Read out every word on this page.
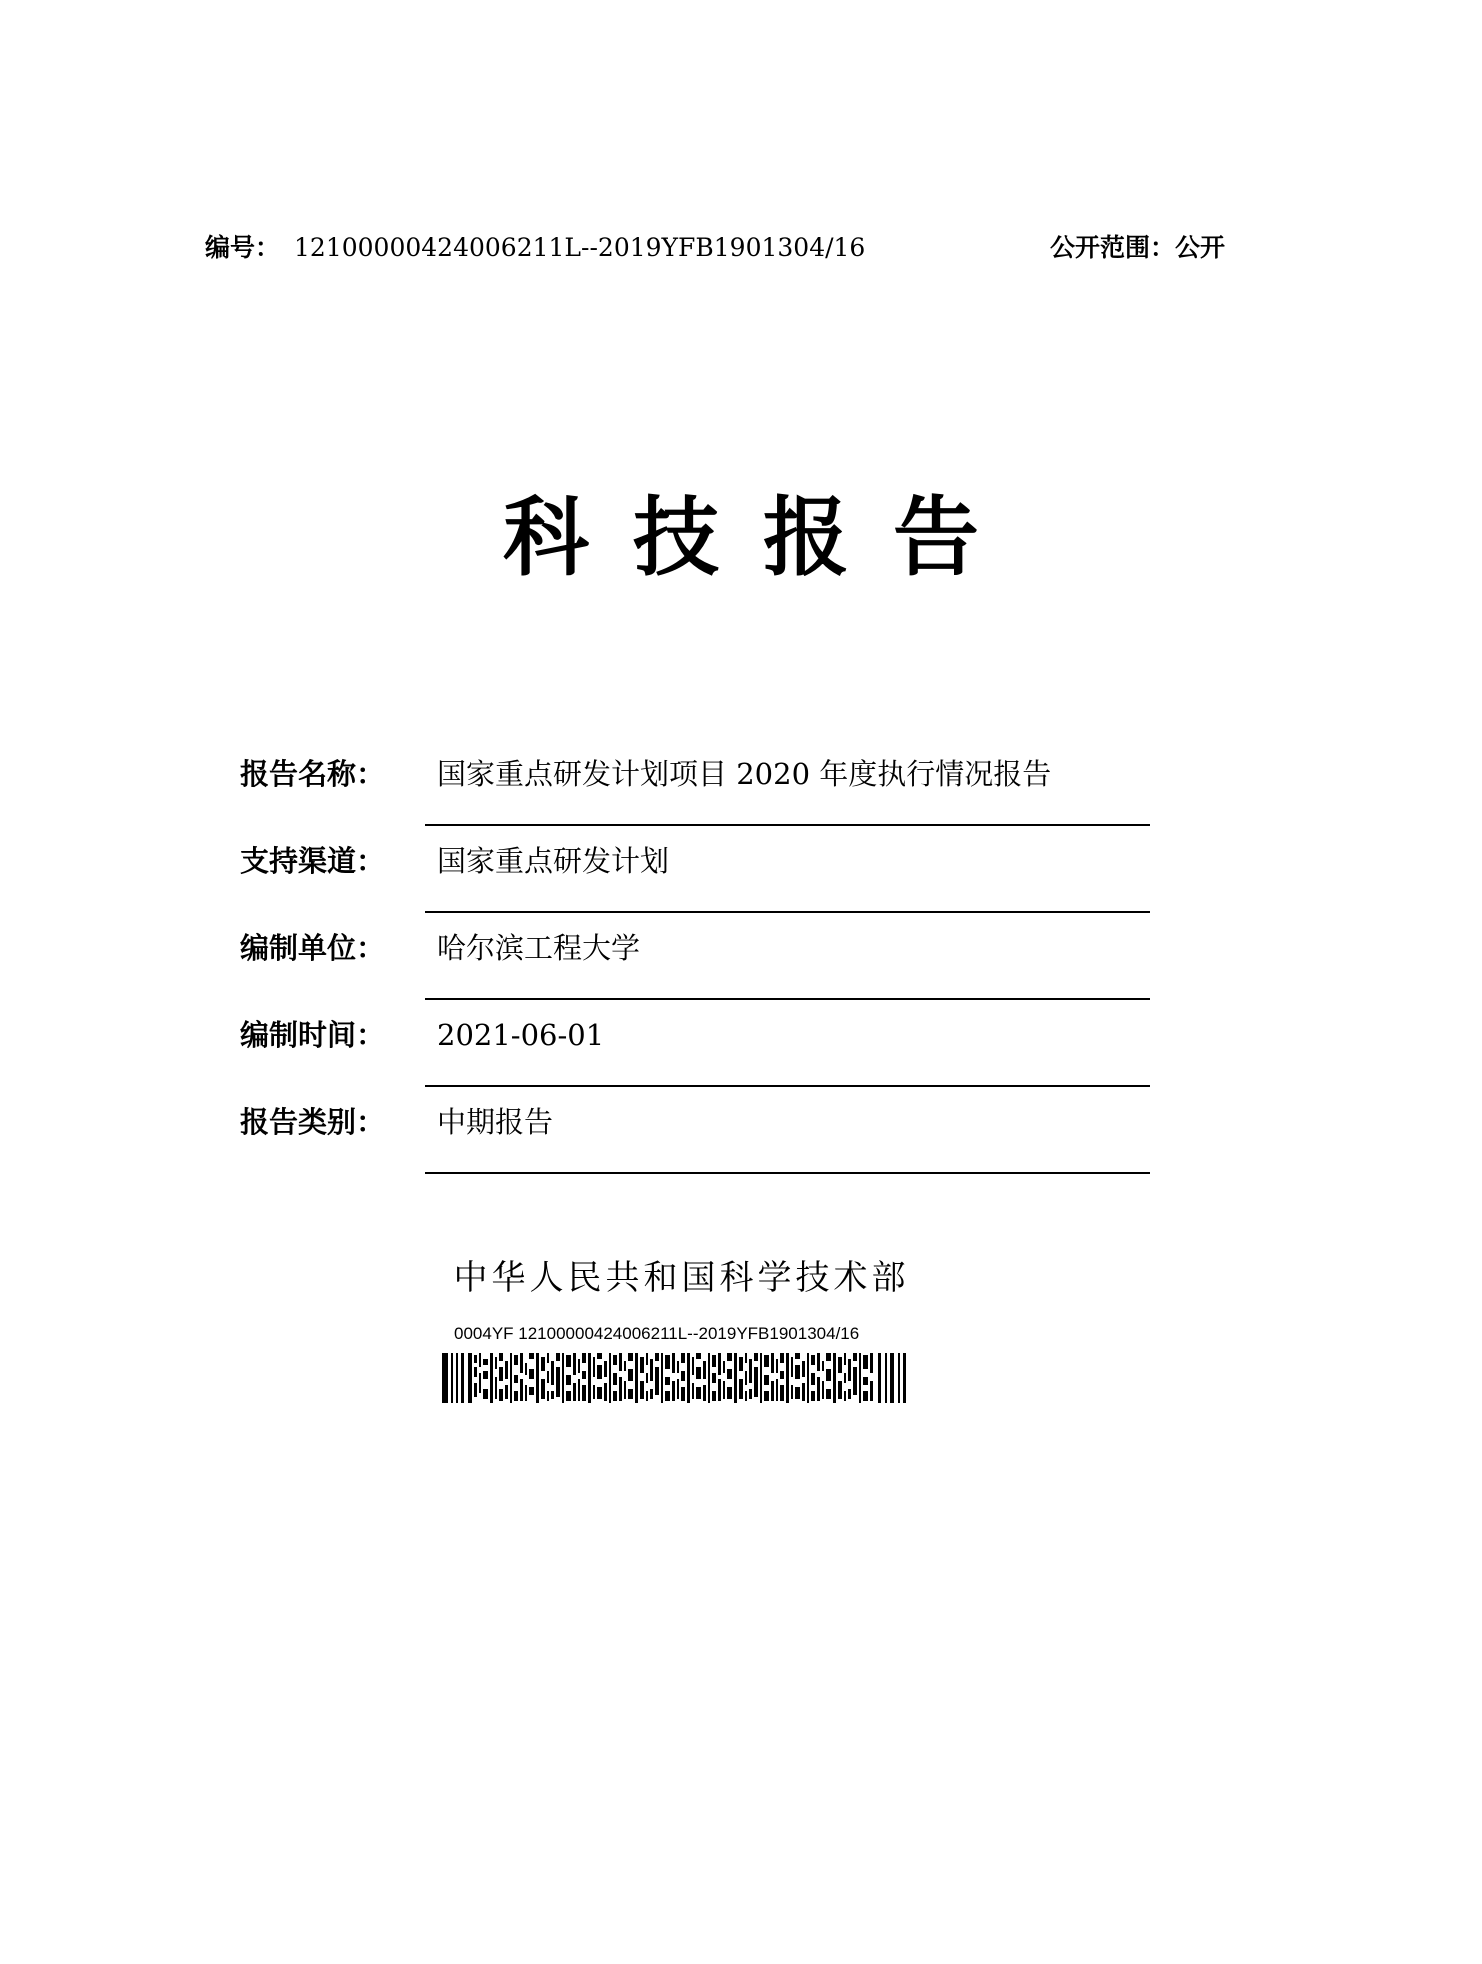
编号： 12100000424006211L--2019YFB1901304/16	公开范围：公开
科技报告
报告名称：	国家重点研发计划项目 2020 年度执行情况报告
支持渠道：	国家重点研发计划
编制单位：	哈尔滨工程大学
编制时间：	2021-06-01
报告类别：	中期报告
中华人民共和国科学技术部
0004YF 12100000424006211L--2019YFB1901304/16
